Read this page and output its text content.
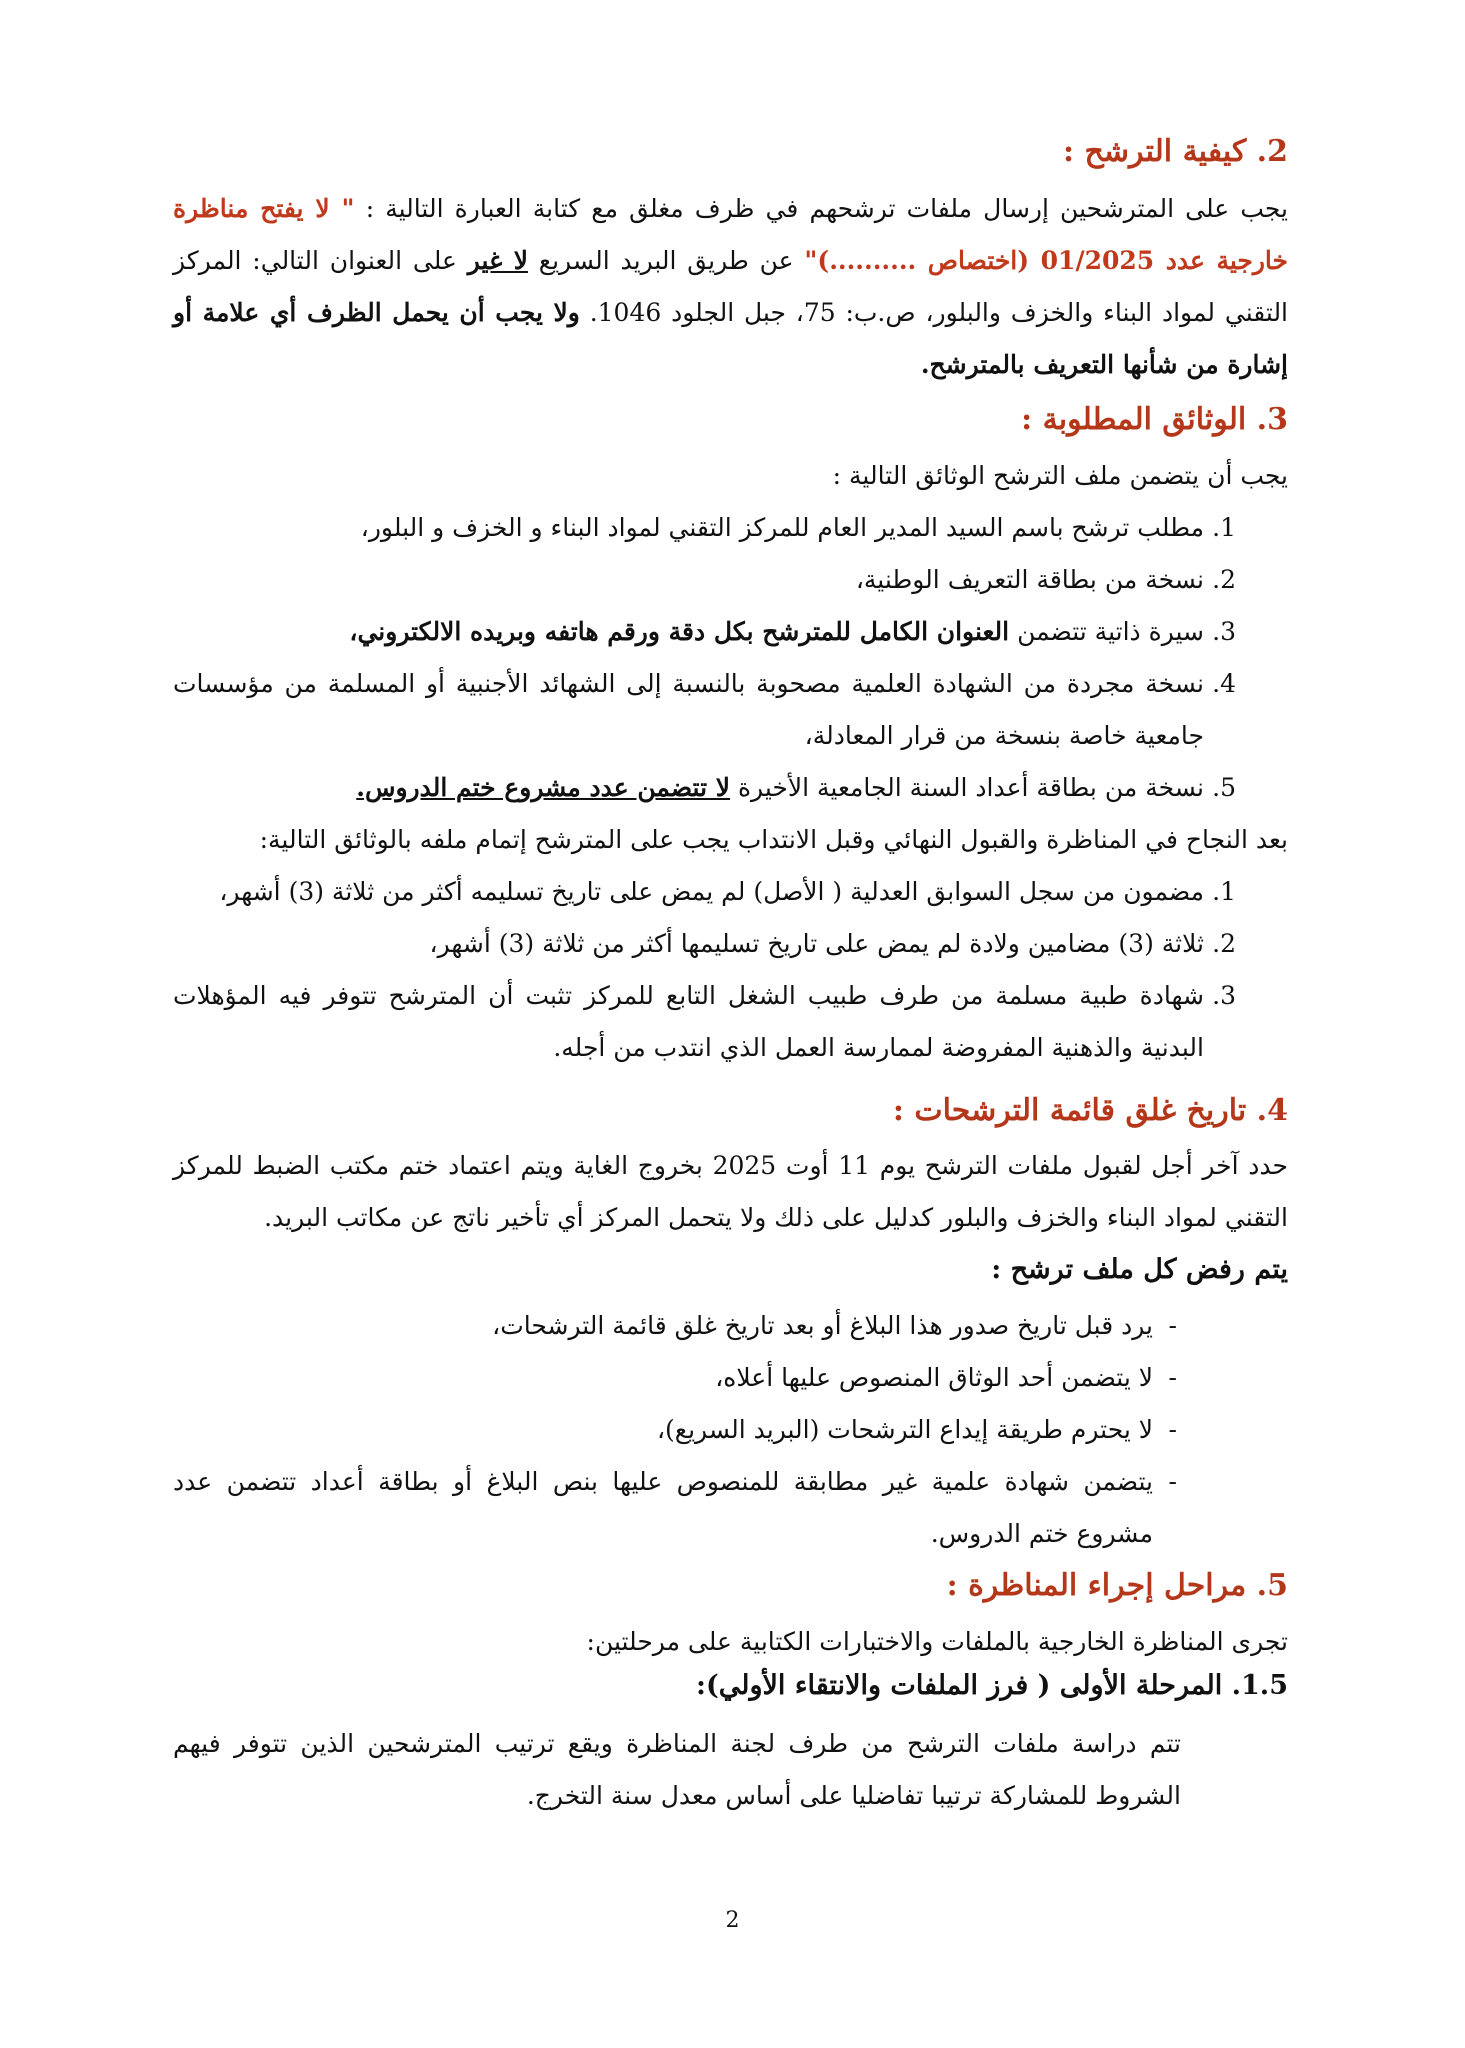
2. كيفية الترشح :
يجب على المترشحين إرسال ملفات ترشحهم في ظرف مغلق مع كتابة العبارة التالية : " لا يفتح مناظرة خارجية عدد 01/2025 (اختصاص ..........)" عن طريق البريد السريع لا غير على العنوان التالي: المركز التقني لمواد البناء والخزف والبلور، ص.ب: 75، جبل الجلود 1046. ولا يجب أن يحمل الظرف أي علامة أو إشارة من شأنها التعريف بالمترشح.
3. الوثائق المطلوبة :
يجب أن يتضمن ملف الترشح الوثائق التالية :
1.
مطلب ترشح باسم السيد المدير العام للمركز التقني لمواد البناء و الخزف و البلور،
2.
نسخة من بطاقة التعريف الوطنية،
3.
سيرة ذاتية تتضمن العنوان الكامل للمترشح بكل دقة ورقم هاتفه وبريده الالكتروني،
4.
نسخة مجردة من الشهادة العلمية مصحوبة بالنسبة إلى الشهائد الأجنبية أو المسلمة من مؤسسات جامعية خاصة بنسخة من قرار المعادلة،
5.
نسخة من بطاقة أعداد السنة الجامعية الأخيرة لا تتضمن عدد مشروع ختم الدروس.
بعد النجاح في المناظرة والقبول النهائي وقبل الانتداب يجب على المترشح إتمام ملفه بالوثائق التالية:
1.
مضمون من سجل السوابق العدلية ( الأصل) لم يمض على تاريخ تسليمه أكثر من ثلاثة (3) أشهر،
2.
ثلاثة (3) مضامين ولادة لم يمض على تاريخ تسليمها أكثر من ثلاثة (3) أشهر،
3.
شهادة طبية مسلمة من طرف طبيب الشغل التابع للمركز تثبت أن المترشح تتوفر فيه المؤهلات البدنية والذهنية المفروضة لممارسة العمل الذي انتدب من أجله.
4. تاريخ غلق قائمة الترشحات :
حدد آخر أجل لقبول ملفات الترشح يوم 11 أوت 2025 بخروج الغاية ويتم اعتماد ختم مكتب الضبط للمركز التقني لمواد البناء والخزف والبلور كدليل على ذلك ولا يتحمل المركز أي تأخير ناتج عن مكاتب البريد.
يتم رفض كل ملف ترشح :
-
يرد قبل تاريخ صدور هذا البلاغ أو بعد تاريخ غلق قائمة الترشحات،
-
لا يتضمن أحد الوثاق المنصوص عليها أعلاه،
-
لا يحترم طريقة إيداع الترشحات (البريد السريع)،
-
يتضمن شهادة علمية غير مطابقة للمنصوص عليها بنص البلاغ أو بطاقة أعداد تتضمن عدد مشروع ختم الدروس.
5. مراحل إجراء المناظرة :
تجرى المناظرة الخارجية بالملفات والاختبارات الكتابية على مرحلتين:
1.5. المرحلة الأولى ( فرز الملفات والانتقاء الأولي):
تتم دراسة ملفات الترشح من طرف لجنة المناظرة ويقع ترتيب المترشحين الذين تتوفر فيهم الشروط للمشاركة ترتيبا تفاضليا على أساس معدل سنة التخرج.
2
